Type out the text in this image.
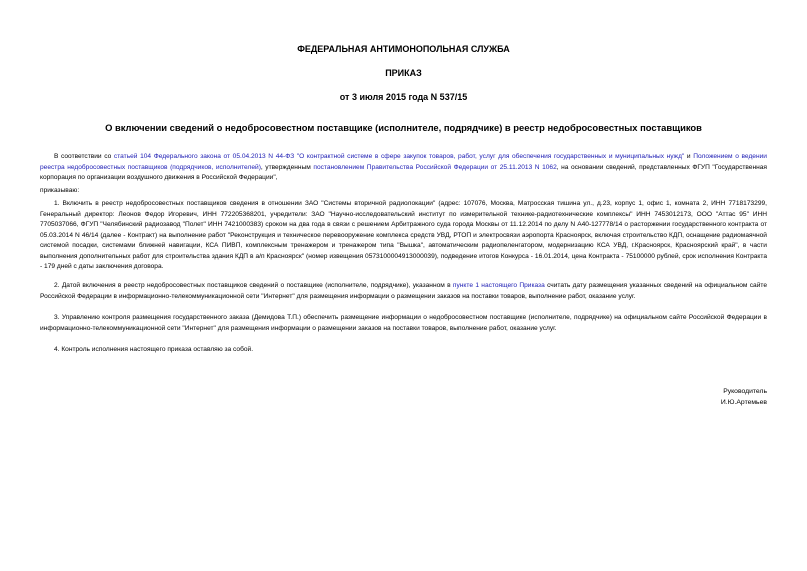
ФЕДЕРАЛЬНАЯ АНТИМОНОПОЛЬНАЯ СЛУЖБА
ПРИКАЗ
от 3 июля 2015 года N 537/15
О включении сведений о недобросовестном поставщике (исполнителе, подрядчике) в реестр недобросовестных поставщиков
В соответствии со статьей 104 Федерального закона от 05.04.2013 N 44-ФЗ "О контрактной системе в сфере закупок товаров, работ, услуг для обеспечения государственных и муниципальных нужд" и Положением о ведении реестра недобросовестных поставщиков (подрядчиков, исполнителей), утвержденным постановлением Правительства Российской Федерации от 25.11.2013 N 1062, на основании сведений, представленных ФГУП "Государственная корпорация по организации воздушного движения в Российской Федерации",
приказываю:
1. Включить в реестр недобросовестных поставщиков сведения в отношении ЗАО "Системы вторичной радиолокации" (адрес: 107076, Москва, Матросская тишина ул., д.23, корпус 1, офис 1, комната 2, ИНН 7718173299, Генеральный директор: Леонов Федор Игоревич, ИНН 772205368201, учредители: ЗАО "Научно-исследовательский институт по измерительной технике-радиотехнические комплексы" ИНН 7453012173, ООО "Аттас 95" ИНН 7705037066, ФГУП "Челябинский радиозавод "Полет" ИНН 7421000383) сроком на два года в связи с решением Арбитражного суда города Москвы от 11.12.2014 по делу N А40-127778/14 о расторжении государственного контракта от 05.03.2014 N 46/14 (далее - Контракт) на выполнение работ "Реконструкция и техническое перевооружение комплекса средств УВД, РТОП и электросвязи аэропорта Красноярск, включая строительство КДП, оснащение радиомаячной системой посадки, системами ближней навигации, КСА ПИВП, комплексным тренажером и тренажером типа "Вышка", автоматическим радиопеленгатором, модернизацию КСА УВД, г.Красноярск, Красноярский край", в части выполнения дополнительных работ для строительства здания КДП в а/п Красноярск" (номер извещения 0573100004913000039), подведение итогов Конкурса - 16.01.2014, цена Контракта - 75100000 рублей, срок исполнения Контракта - 179 дней с даты заключения договора.
2. Датой включения в реестр недобросовестных поставщиков сведений о поставщике (исполнителе, подрядчике), указанном в пункте 1 настоящего Приказа считать дату размещения указанных сведений на официальном сайте Российской Федерации в информационно-телекоммуникационной сети "Интернет" для размещения информации о размещении заказов на поставки товаров, выполнение работ, оказание услуг.
3. Управлению контроля размещения государственного заказа (Демидова Т.П.) обеспечить размещение информации о недобросовестном поставщике (исполнителе, подрядчике) на официальном сайте Российской Федерации в информационно-телекоммуникационной сети "Интернет" для размещения информации о размещении заказов на поставки товаров, выполнение работ, оказание услуг.
4. Контроль исполнения настоящего приказа оставляю за собой.
Руководитель
И.Ю.Артемьев
